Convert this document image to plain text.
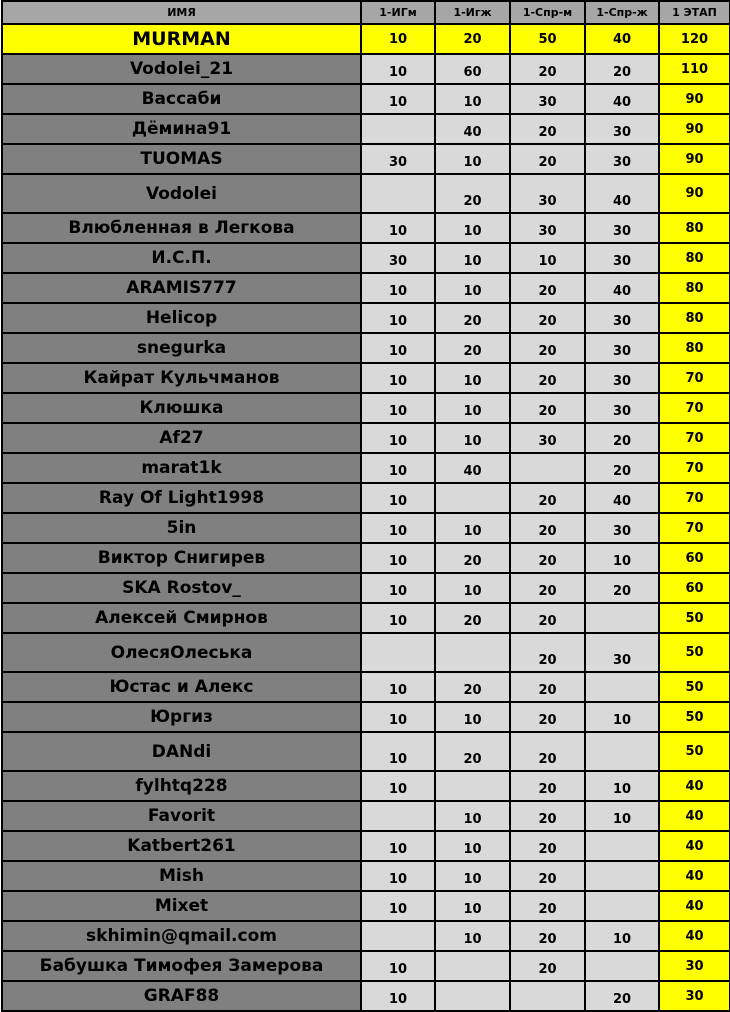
ИМЯ	1-ИГм	1-Игж	1-Спр-м	1-Спр-ж	1 ЭТАП
MURMAN	10	20	50	40	120
Vodolei_21	10	60	20	20	110
Вассаби	10	10	30	40	90
Дёмина91		40	20	30	90
TUOMAS	30	10	20	30	90
Vodolei		20	30	40	90
Влюбленная в Легкова	10	10	30	30	80
И.С.П.	30	10	10	30	80
ARAMIS777	10	10	20	40	80
Helicop	10	20	20	30	80
snegurka	10	20	20	30	80
Кайрат Кульчманов	10	10	20	30	70
Клюшка	10	10	20	30	70
Af27	10	10	30	20	70
marat1k	10	40		20	70
Ray Of Light1998	10		20	40	70
5in	10	10	20	30	70
Виктор Снигирев	10	20	20	10	60
SKA Rostov_	10	10	20	20	60
Алексей Смирнов	10	20	20		50
ОлесяОлеська			20	30	50
Юстас и Алекс	10	20	20		50
Юргиз	10	10	20	10	50
DANdi	10	20	20		50
fylhtq228	10		20	10	40
Favorit		10	20	10	40
Katbert261	10	10	20		40
Mish	10	10	20		40
Mixet	10	10	20		40
skhimin@qmail.com		10	20	10	40
Бабушка Тимофея Замерова	10		20		30
GRAF88	10			20	30
